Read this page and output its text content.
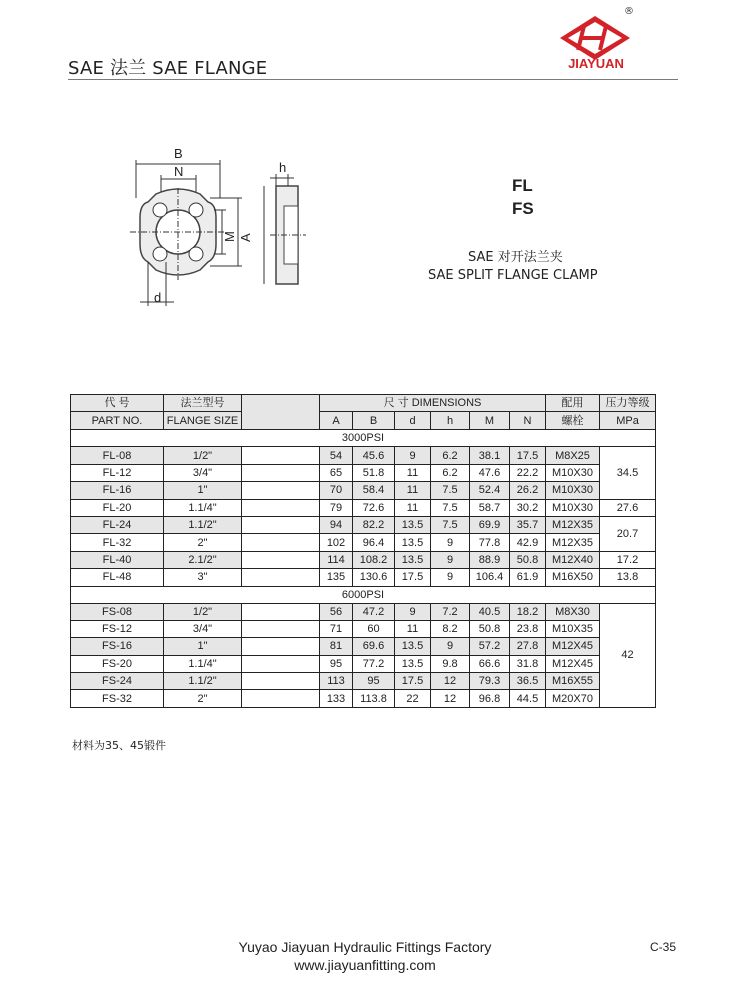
SAE 法兰 SAE FLANGE
®
JIAYUAN
B
N
M A
d
h
FL
FS
SAE 对开法兰夹
SAE SPLIT FLANGE CLAMP
代 号	法兰型号		尺 寸 DIMENSIONS						配用	压力等级
PART NO.	FLANGE SIZE		A	B	d	h	M	N	螺栓	MPa
3000PSI										
FL-08	1/2"		54	45.6	9	6.2	38.1	17.5	M8X25	34.5
FL-12	3/4"		65	51.8	11	6.2	47.6	22.2	M10X30	
FL-16	1"		70	58.4	11	7.5	52.4	26.2	M10X30	
FL-20	1.1/4"		79	72.6	11	7.5	58.7	30.2	M10X30	27.6
FL-24	1.1/2"		94	82.2	13.5	7.5	69.9	35.7	M12X35	20.7
FL-32	2"		102	96.4	13.5	9	77.8	42.9	M12X35	
FL-40	2.1/2"		114	108.2	13.5	9	88.9	50.8	M12X40	17.2
FL-48	3"		135	130.6	17.5	9	106.4	61.9	M16X50	13.8
6000PSI										
FS-08	1/2"		56	47.2	9	7.2	40.5	18.2	M8X30	42
FS-12	3/4"		71	60	11	8.2	50.8	23.8	M10X35	
FS-16	1"		81	69.6	13.5	9	57.2	27.8	M12X45	
FS-20	1.1/4"		95	77.2	13.5	9.8	66.6	31.8	M12X45	
FS-24	1.1/2"		113	95	17.5	12	79.3	36.5	M16X55	
FS-32	2"		133	113.8	22	12	96.8	44.5	M20X70	
材料为35、45锻件
Yuyao Jiayuan Hydraulic Fittings Factory
www.jiayuanfitting.com
C-35
